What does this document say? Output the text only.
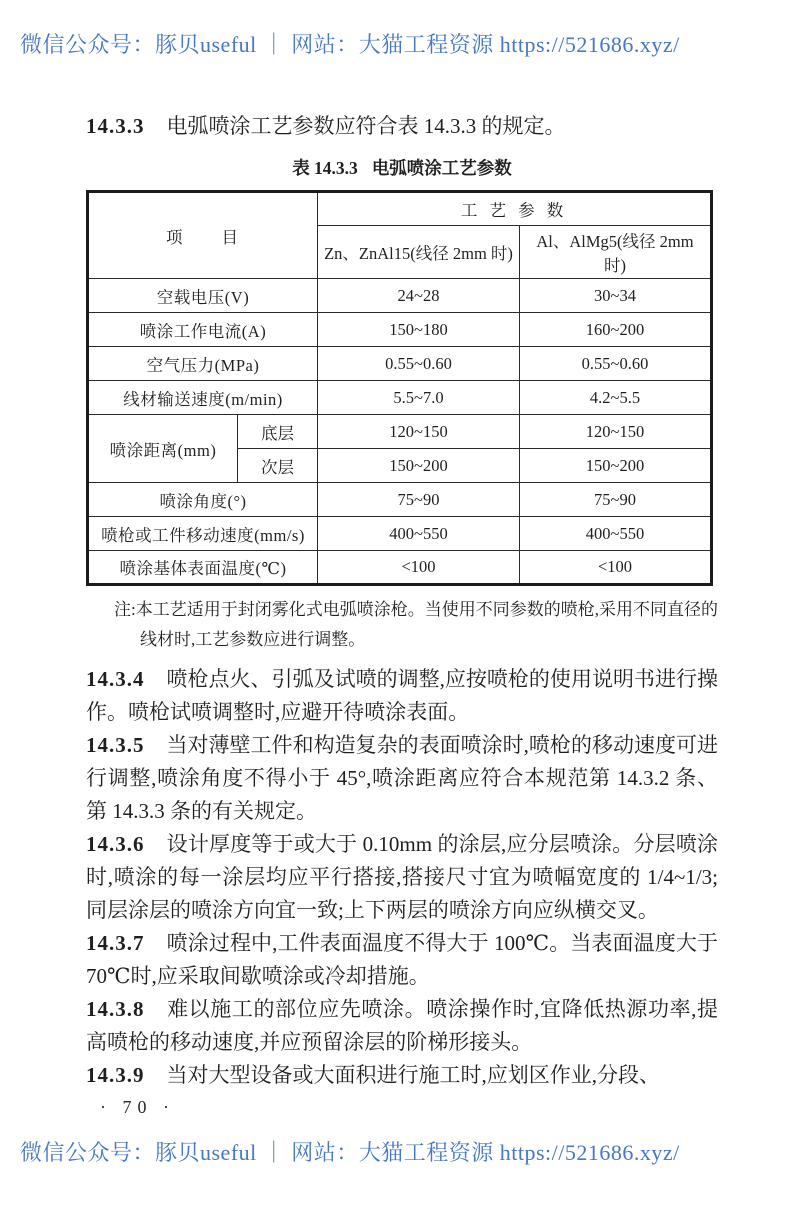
微信公众号：豚贝useful ｜ 网站：大猫工程资源 https://521686.xyz/

14.3.3 电弧喷涂工艺参数应符合表 14.3.3 的规定。

表 14.3.3 电弧喷涂工艺参数
项　　目		工 艺 参 数	
		Zn、ZnAl15(线径 2mm 时)	Al、AlMg5(线径 2mm 时)
空载电压(V)		24~28	30~34
喷涂工作电流(A)		150~180	160~200
空气压力(MPa)		0.55~0.60	0.55~0.60
线材输送速度(m/min)		5.5~7.0	4.2~5.5
喷涂距离(mm)	底层	120~150	120~150
	次层	150~200	150~200
喷涂角度(°)		75~90	75~90
喷枪或工件移动速度(mm/s)		400~550	400~550
喷涂基体表面温度(℃)		<100	<100
注:本工艺适用于封闭雾化式电弧喷涂枪。当使用不同参数的喷枪,采用不同直径的线材时,工艺参数应进行调整。

14.3.4 喷枪点火、引弧及试喷的调整,应按喷枪的使用说明书进行操作。喷枪试喷调整时,应避开待喷涂表面。

14.3.5 当对薄壁工件和构造复杂的表面喷涂时,喷枪的移动速度可进行调整,喷涂角度不得小于 45°,喷涂距离应符合本规范第 14.3.2 条、第 14.3.3 条的有关规定。

14.3.6 设计厚度等于或大于 0.10mm 的涂层,应分层喷涂。分层喷涂时,喷涂的每一涂层均应平行搭接,搭接尺寸宜为喷幅宽度的 1/4~1/3;同层涂层的喷涂方向宜一致;上下两层的喷涂方向应纵横交叉。

14.3.7 喷涂过程中,工件表面温度不得大于 100℃。当表面温度大于 70℃时,应采取间歇喷涂或冷却措施。

14.3.8 难以施工的部位应先喷涂。喷涂操作时,宜降低热源功率,提高喷枪的移动速度,并应预留涂层的阶梯形接头。

14.3.9 当对大型设备或大面积进行施工时,应划区作业,分段、

· 70 ·
微信公众号：豚贝useful ｜ 网站：大猫工程资源 https://521686.xyz/
